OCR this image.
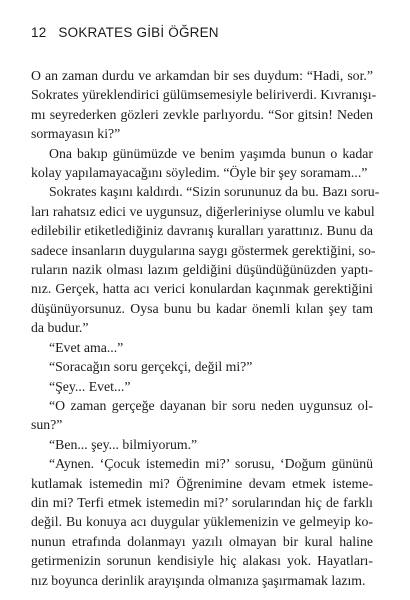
12 SOKRATES GİBİ ÖĞREN
O an zaman durdu ve arkamdan bir ses duydum: “Hadi, sor.”
Sokrates yüreklendirici gülümsemesiyle beliriverdi. Kıvranışı-
mı seyrederken gözleri zevkle parlıyordu. “Sor gitsin! Neden
sormayasın ki?”
Ona bakıp günümüzde ve benim yaşımda bunun o kadar
kolay yapılamayacağını söyledim. “Öyle bir şey soramam...”
Sokrates kaşını kaldırdı. “Sizin sorununuz da bu. Bazı soru-
ları rahatsız edici ve uygunsuz, diğerleriniyse olumlu ve kabul
edilebilir etiketlediğiniz davranış kuralları yarattınız. Bunu da
sadece insanların duygularına saygı göstermek gerektiğini, so-
ruların nazik olması lazım geldiğini düşündüğünüzden yaptı-
nız. Gerçek, hatta acı verici konulardan kaçınmak gerektiğini
düşünüyorsunuz. Oysa bunu bu kadar önemli kılan şey tam
da budur.”
“Evet ama...”
“Soracağın soru gerçekçi, değil mi?”
“Şey... Evet...”
“O zaman gerçeğe dayanan bir soru neden uygunsuz ol-
sun?”
“Ben... şey... bilmiyorum.”
“Aynen. ‘Çocuk istemedin mi?’ sorusu, ‘Doğum gününü
kutlamak istemedin mi? Öğrenimine devam etmek isteme-
din mi? Terfi etmek istemedin mi?’ sorularından hiç de farklı
değil. Bu konuya acı duygular yüklemenizin ve gelmeyip ko-
nunun etrafında dolanmayı yazılı olmayan bir kural haline
getirmenizin sorunun kendisiyle hiç alakası yok. Hayatları-
nız boyunca derinlik arayışında olmanıza şaşırmamak lazım.
